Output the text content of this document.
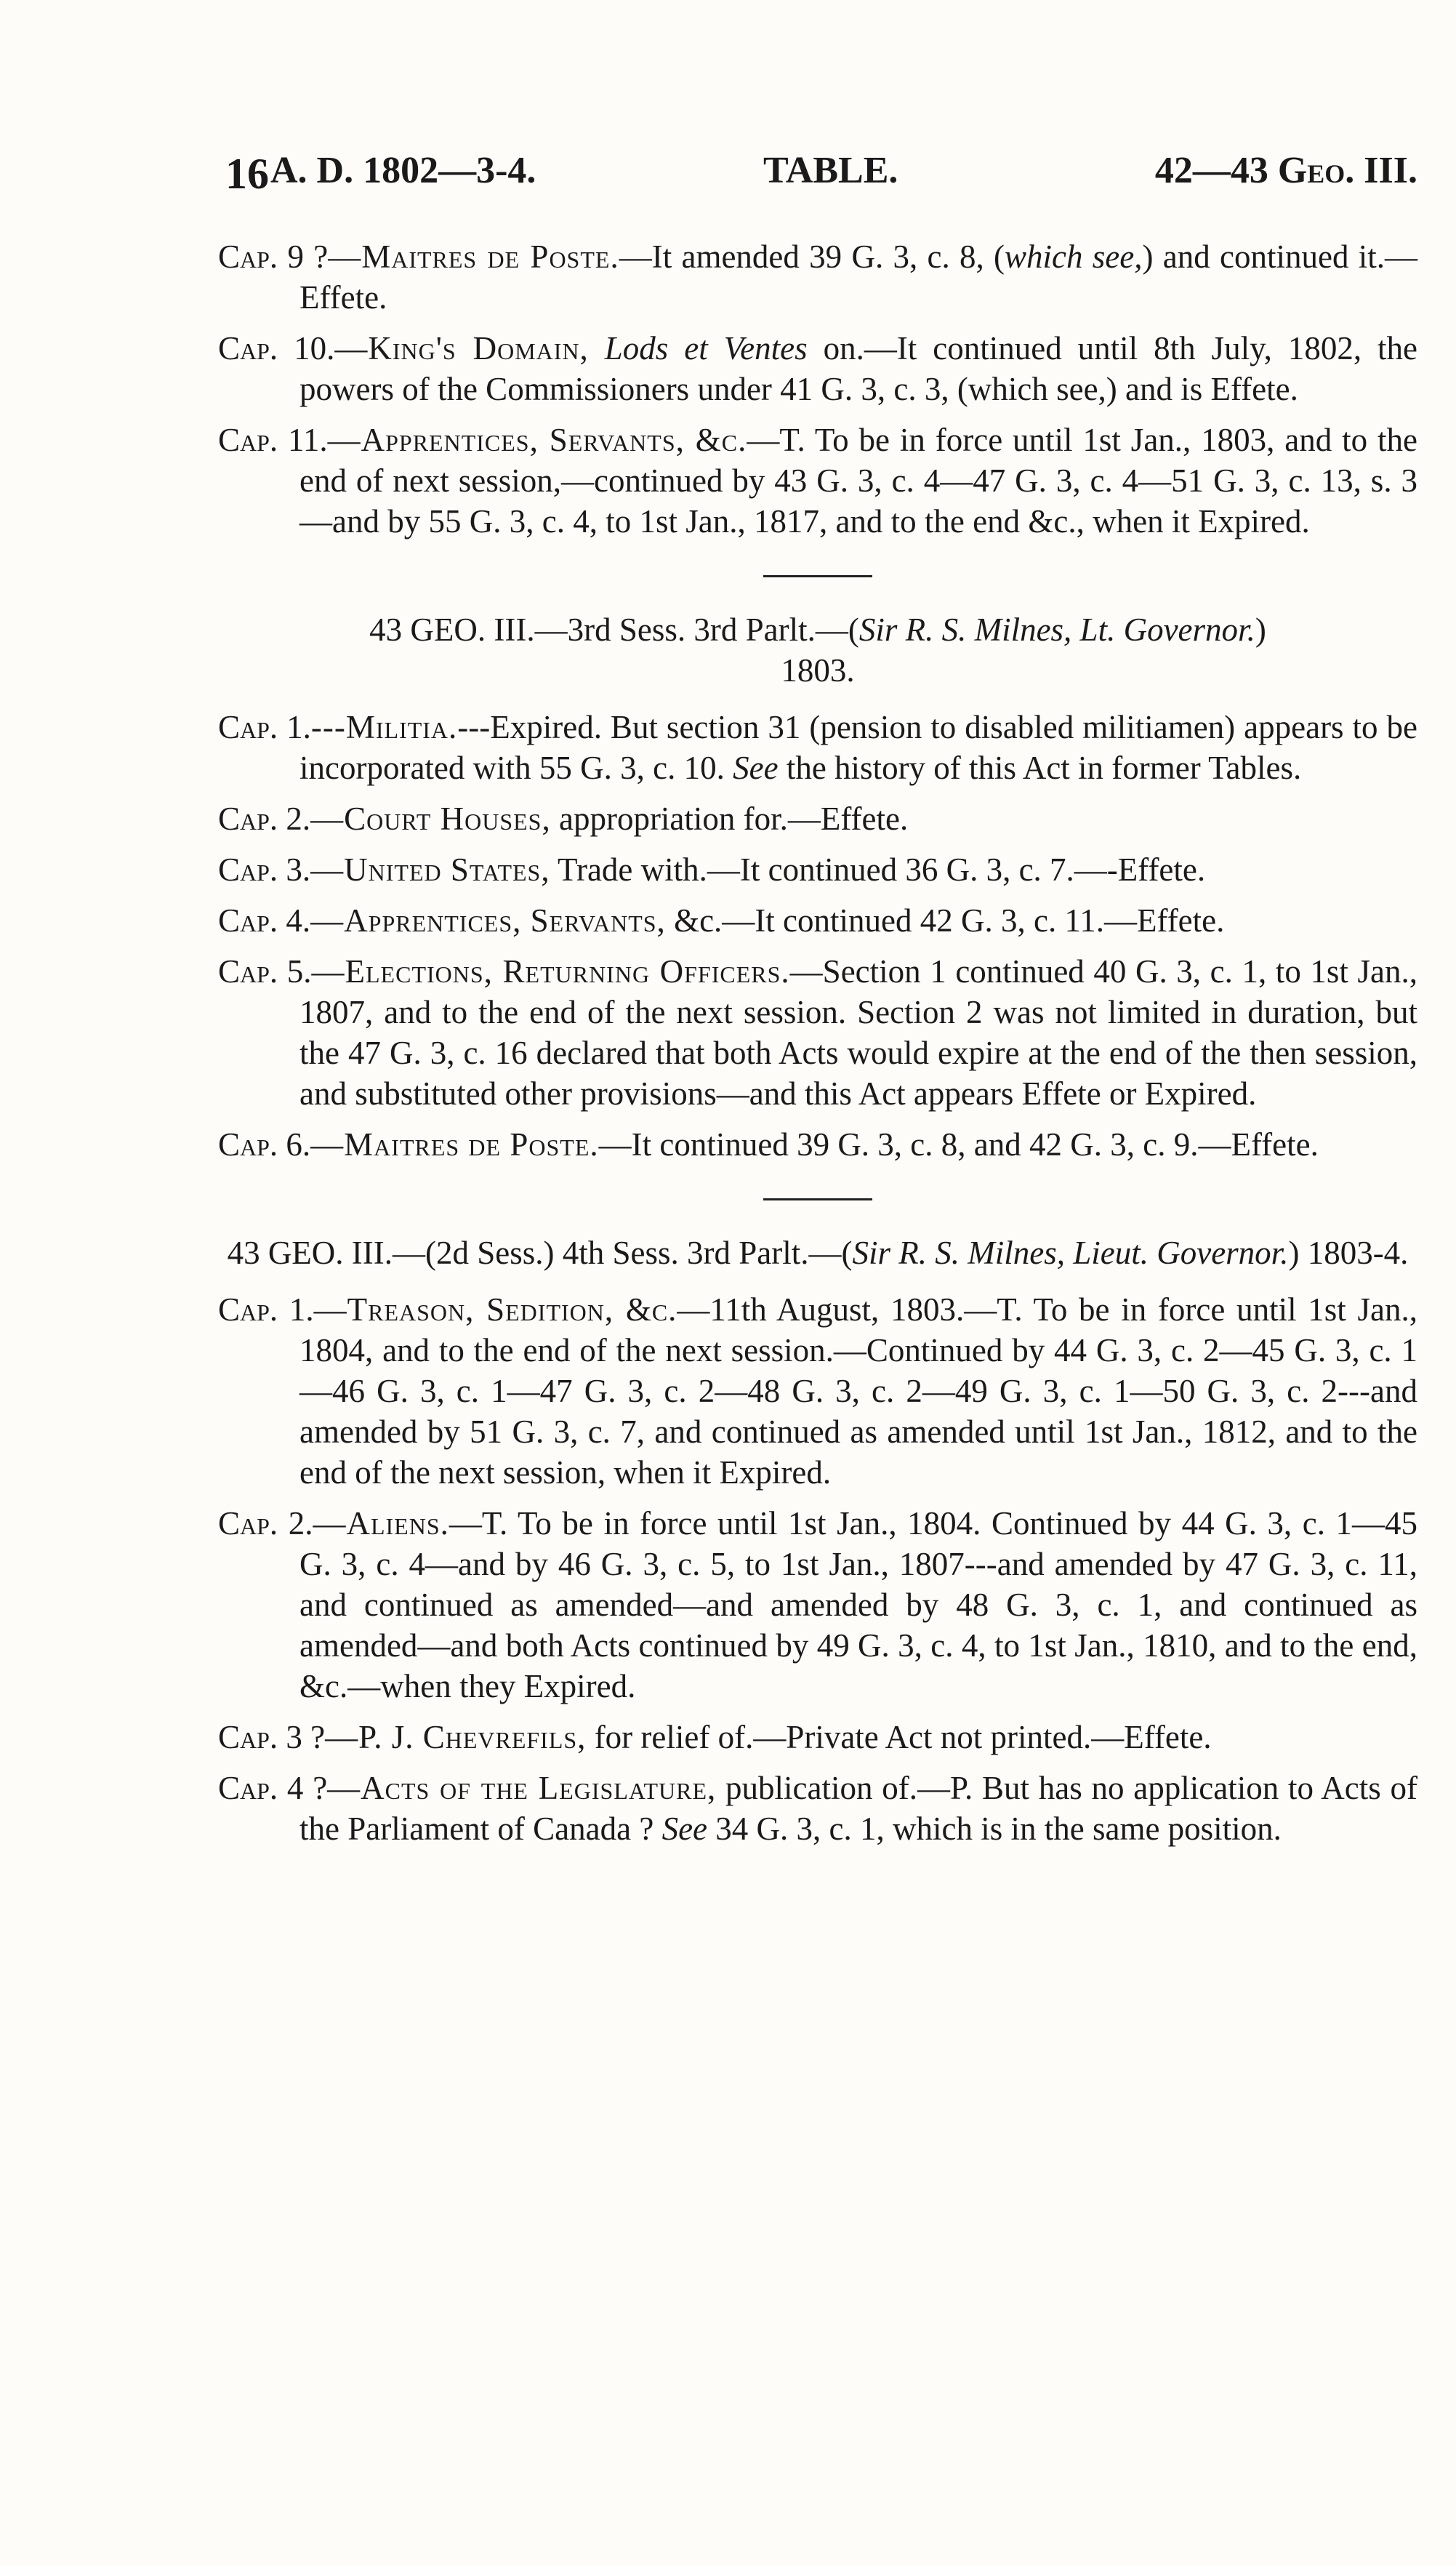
16 A. D. 1802—3-4.	TABLE.	42—43 Geo. III.

Cap. 9 ?—Maitres de Poste.—It amended 39 G. 3, c. 8, (which see,) and continued it.—Effete.

Cap. 10.—King's Domain, Lods et Ventes on.—It continued until 8th July, 1802, the powers of the Commissioners under 41 G. 3, c. 3, (which see,) and is Effete.

Cap. 11.—Apprentices, Servants, &c.—T. To be in force until 1st Jan., 1803, and to the end of next session,—continued by 43 G. 3, c. 4—47 G. 3, c. 4—51 G. 3, c. 13, s. 3—and by 55 G. 3, c. 4, to 1st Jan., 1817, and to the end &c., when it Expired.

43 GEO. III.—3rd Sess. 3rd Parlt.—(Sir R. S. Milnes, Lt. Governor.)
1803.

Cap. 1.---Militia.---Expired. But section 31 (pension to disabled militiamen) appears to be incorporated with 55 G. 3, c. 10. See the history of this Act in former Tables.

Cap. 2.—Court Houses, appropriation for.—Effete.

Cap. 3.—United States, Trade with.—It continued 36 G. 3, c. 7.—-Effete.

Cap. 4.—Apprentices, Servants, &c.—It continued 42 G. 3, c. 11.—Effete.

Cap. 5.—Elections, Returning Officers.—Section 1 continued 40 G. 3, c. 1, to 1st Jan., 1807, and to the end of the next session. Section 2 was not limited in duration, but the 47 G. 3, c. 16 declared that both Acts would expire at the end of the then session, and substituted other provisions—and this Act appears Effete or Expired.

Cap. 6.—Maitres de Poste.—It continued 39 G. 3, c. 8, and 42 G. 3, c. 9.—Effete.

43 GEO. III.—(2d Sess.) 4th Sess. 3rd Parlt.—(Sir R. S. Milnes, Lieut. Governor.) 1803-4.

Cap. 1.—Treason, Sedition, &c.—11th August, 1803.—T. To be in force until 1st Jan., 1804, and to the end of the next session.—Continued by 44 G. 3, c. 2—45 G. 3, c. 1—46 G. 3, c. 1—47 G. 3, c. 2—48 G. 3, c. 2—49 G. 3, c. 1—50 G. 3, c. 2---and amended by 51 G. 3, c. 7, and continued as amended until 1st Jan., 1812, and to the end of the next session, when it Expired.

Cap. 2.—Aliens.—T. To be in force until 1st Jan., 1804. Continued by 44 G. 3, c. 1—45 G. 3, c. 4—and by 46 G. 3, c. 5, to 1st Jan., 1807---and amended by 47 G. 3, c. 11, and continued as amended—and amended by 48 G. 3, c. 1, and continued as amended—and both Acts continued by 49 G. 3, c. 4, to 1st Jan., 1810, and to the end, &c.—when they Expired.

Cap. 3 ?—P. J. Chevrefils, for relief of.—Private Act not printed.—Effete.

Cap. 4 ?—Acts of the Legislature, publication of.—P. But has no application to Acts of the Parliament of Canada ? See 34 G. 3, c. 1, which is in the same position.
